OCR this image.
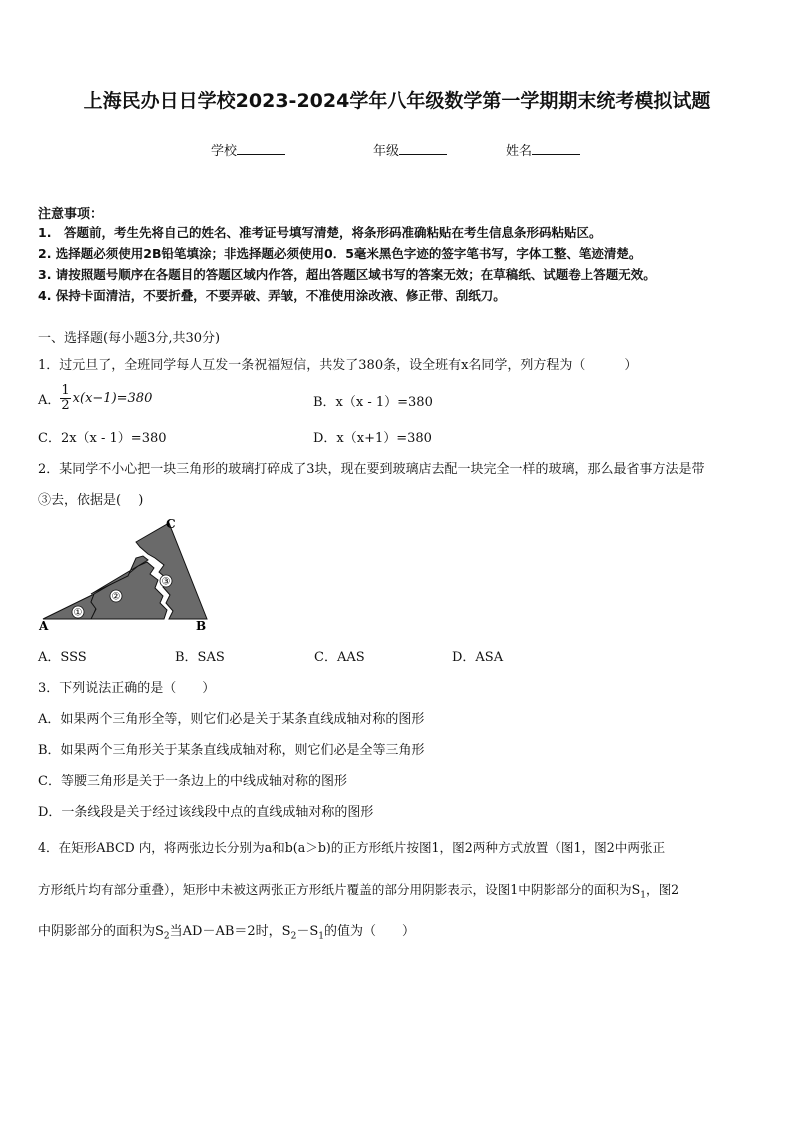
上海民办日日学校2023-2024学年八年级数学第一学期期末统考模拟试题
学校	年级	姓名
注意事项：
1.　答题前，考生先将自己的姓名、准考证号填写清楚，将条形码准确粘贴在考生信息条形码粘贴区。
2. 选择题必须使用2B铅笔填涂；非选择题必须使用0．5毫米黑色字迹的签字笔书写，字体工整、笔迹清楚。
3. 请按照题号顺序在各题目的答题区域内作答，超出答题区域书写的答案无效；在草稿纸、试题卷上答题无效。
4. 保持卡面清洁，不要折叠，不要弄破、弄皱，不准使用涂改液、修正带、刮纸刀。
一、选择题(每小题3分,共30分)
1．过元旦了，全班同学每人互发一条祝福短信，共发了380条，设全班有x名同学，列方程为（　　　）
A． $\frac{1}{2} x(x-1)=380$	B．x（x - 1）=380
C．2x（x - 1）=380	D．x（x+1）=380
2．某同学不小心把一块三角形的玻璃打碎成了3块，现在要到玻璃店去配一块完全一样的玻璃，那么最省事方法是带
③去，依据是(　 )
①
②
③
A	B
C
A．SSS	B．SAS	C．AAS	D．ASA
3．下列说法正确的是（　　）
A．如果两个三角形全等，则它们必是关于某条直线成轴对称的图形
B．如果两个三角形关于某条直线成轴对称，则它们必是全等三角形
C．等腰三角形是关于一条边上的中线成轴对称的图形
D．一条线段是关于经过该线段中点的直线成轴对称的图形
4．在矩形ABCD 内，将两张边长分别为a和b(a＞b)的正方形纸片按图1，图2两种方式放置（图1，图2中两张正
方形纸片均有部分重叠），矩形中未被这两张正方形纸片覆盖的部分用阴影表示，设图1中阴影部分的面积为$S_1$，图2
中阴影部分的面积为$S_2$当AD－AB＝2时，$S_2-S_1$的值为（　　）
